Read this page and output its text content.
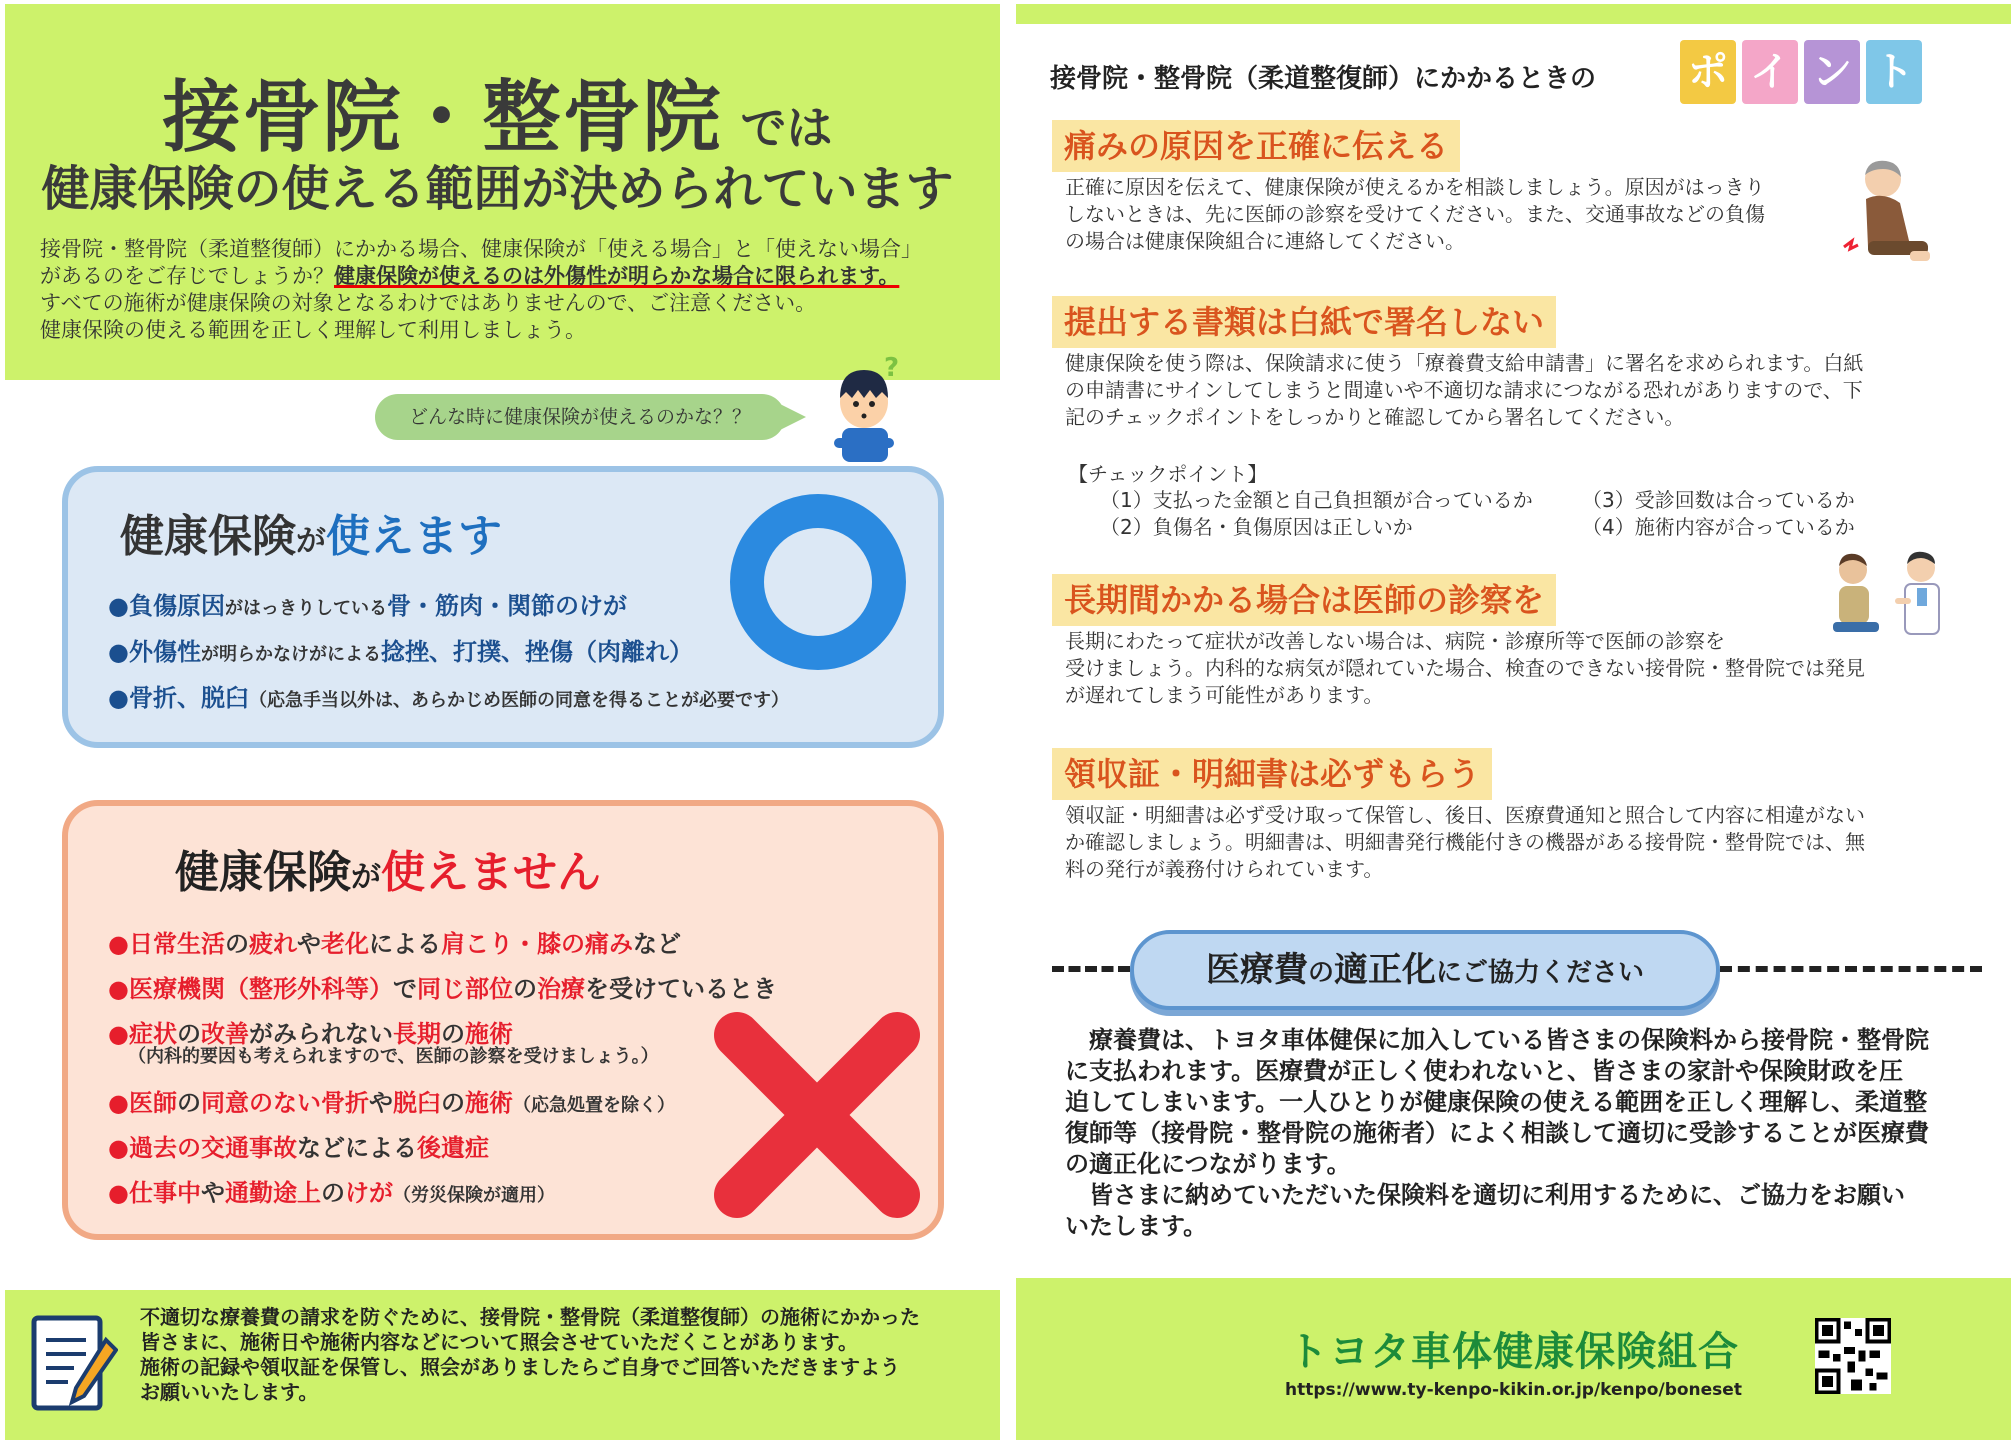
接骨院・整骨院 では
健康保険の使える範囲が決められています
接骨院・整骨院（柔道整復師）にかかる場合、健康保険が「使える場合」と「使えない場合」
があるのをご存じでしょうか？健康保険が使えるのは外傷性が明らかな場合に限られます。
すべての施術が健康保険の対象となるわけではありませんので、ご注意ください。
健康保険の使える範囲を正しく理解して利用しましょう。
どんな時に健康保険が使えるのかな？？
?
健康保険が使えます
●負傷原因がはっきりしている骨・筋肉・関節のけが
●外傷性が明らかなけがによる捻挫、打撲、挫傷（肉離れ）
●骨折、脱臼（応急手当以外は、あらかじめ医師の同意を得ることが必要です）
健康保険が使えません
●日常生活の疲れや老化による肩こり・膝の痛みなど
●医療機関（整形外科等）で同じ部位の治療を受けているとき
●症状の改善がみられない長期の施術
（内科的要因も考えられますので、医師の診察を受けましょう。）
●医師の同意のない骨折や脱臼の施術（応急処置を除く）
●過去の交通事故などによる後遺症
●仕事中や通勤途上のけが（労災保険が適用）
不適切な療養費の請求を防ぐために、接骨院・整骨院（柔道整復師）の施術にかかった
皆さまに、施術日や施術内容などについて照会させていただくことがあります。
施術の記録や領収証を保管し、照会がありましたらご自身でご回答いただきますよう
お願いいたします。
接骨院・整骨院（柔道整復師）にかかるときの ポ イ ン ト
痛みの原因を正確に伝える
正確に原因を伝えて、健康保険が使えるかを相談しましょう。原因がはっきり
しないときは、先に医師の診察を受けてください。また、交通事故などの負傷
の場合は健康保険組合に連絡してください。
提出する書類は白紙で署名しない
健康保険を使う際は、保険請求に使う「療養費支給申請書」に署名を求められます。白紙
の申請書にサインしてしまうと間違いや不適切な請求につながる恐れがありますので、下
記のチェックポイントをしっかりと確認してから署名してください。
【チェックポイント】
（1）支払った金額と自己負担額が合っているか （3）受診回数は合っているか
（2）負傷名・負傷原因は正しいか	（4）施術内容が合っているか
長期間かかる場合は医師の診察を
長期にわたって症状が改善しない場合は、病院・診療所等で医師の診察を
受けましょう。内科的な病気が隠れていた場合、検査のできない接骨院・整骨院では発見
が遅れてしまう可能性があります。
領収証・明細書は必ずもらう
領収証・明細書は必ず受け取って保管し、後日、医療費通知と照合して内容に相違がない
か確認しましょう。明細書は、明細書発行機能付きの機器がある接骨院・整骨院では、無
料の発行が義務付けられています。
医療費の適正化にご協力ください
　療養費は、トヨタ車体健保に加入している皆さまの保険料から接骨院・整骨院
に支払われます。医療費が正しく使われないと、皆さまの家計や保険財政を圧
迫してしまいます。一人ひとりが健康保険の使える範囲を正しく理解し、柔道整
復師等（接骨院・整骨院の施術者）によく相談して適切に受診することが医療費
の適正化につながります。
　皆さまに納めていただいた保険料を適切に利用するために、ご協力をお願い
いたします。
トヨタ車体健康保険組合
https://www.ty-kenpo-kikin.or.jp/kenpo/boneset
